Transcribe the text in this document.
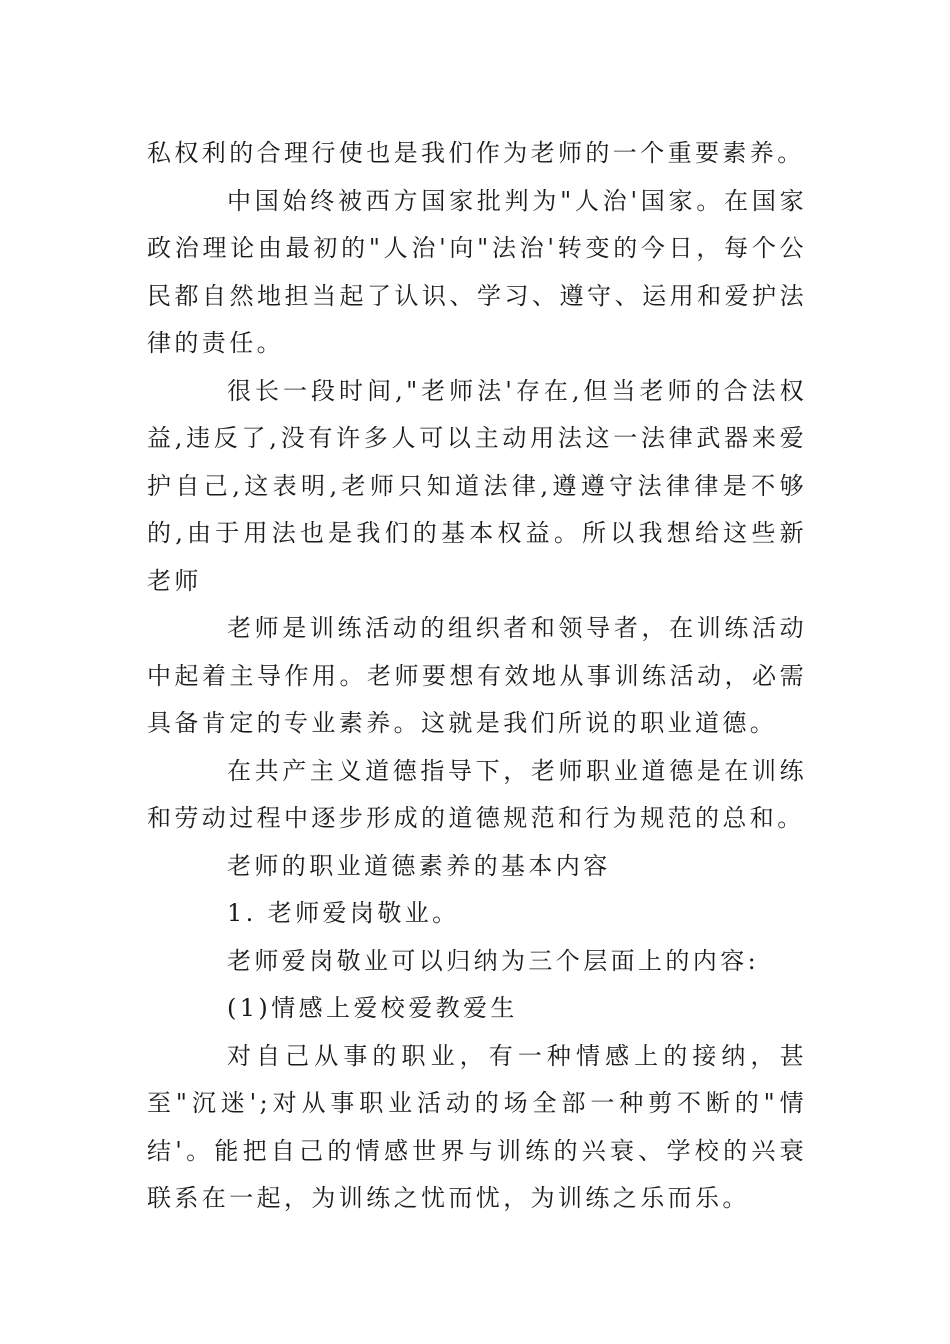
私权利的合理行使也是我们作为老师的一个重要素养。

中国始终被西方国家批判为"人治'国家。在国家政治理论由最初的"人治'向"法治'转变的今日，每个公民都自然地担当起了认识、学习、遵守、运用和爱护法律的责任。

很长一段时间,"老师法'存在,但当老师的合法权益,违反了,没有许多人可以主动用法这一法律武器来爱护自己,这表明,老师只知道法律,遵遵守法律律是不够的,由于用法也是我们的基本权益。所以我想给这些新老师

老师是训练活动的组织者和领导者，在训练活动中起着主导作用。老师要想有效地从事训练活动，必需具备肯定的专业素养。这就是我们所说的职业道德。

在共产主义道德指导下，老师职业道德是在训练和劳动过程中逐步形成的道德规范和行为规范的总和。

老师的职业道德素养的基本内容

1. 老师爱岗敬业。

老师爱岗敬业可以归纳为三个层面上的内容:

(1)情感上爱校爱教爱生

对自己从事的职业，有一种情感上的接纳，甚至"沉迷';对从事职业活动的场全部一种剪不断的"情结'。能把自己的情感世界与训练的兴衰、学校的兴衰联系在一起，为训练之忧而忧，为训练之乐而乐。
